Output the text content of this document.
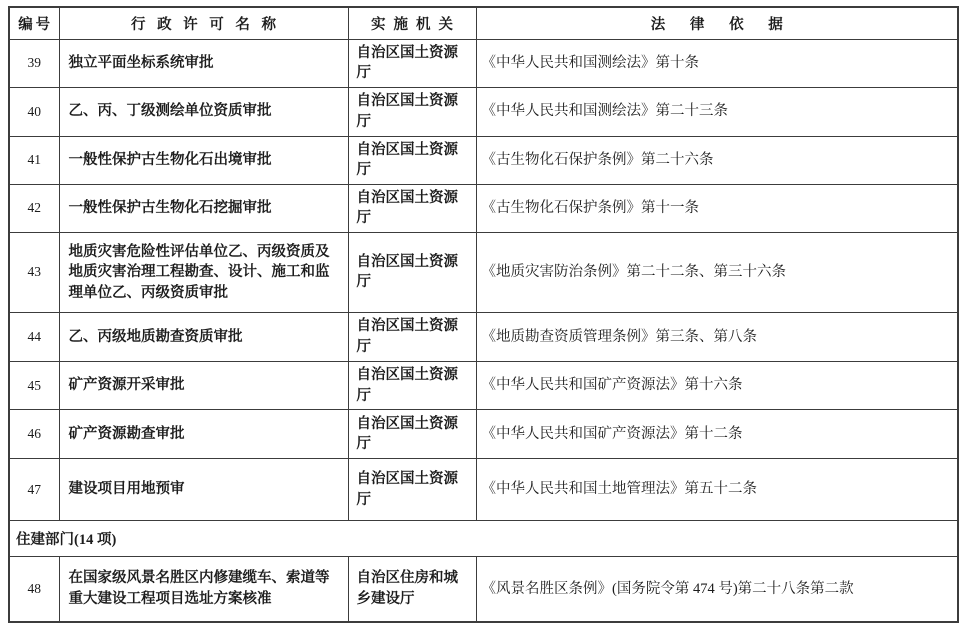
编号	行政许可名称	实施机关	法律依据
39	独立平面坐标系统审批	自治区国土资源厅	《中华人民共和国测绘法》第十条
40	乙、丙、丁级测绘单位资质审批	自治区国土资源厅	《中华人民共和国测绘法》第二十三条
41	一般性保护古生物化石出境审批	自治区国土资源厅	《古生物化石保护条例》第二十六条
42	一般性保护古生物化石挖掘审批	自治区国土资源厅	《古生物化石保护条例》第十一条
43	地质灾害危险性评估单位乙、丙级资质及地质灾害治理工程勘查、设计、施工和监理单位乙、丙级资质审批	自治区国土资源厅	《地质灾害防治条例》第二十二条、第三十六条
44	乙、丙级地质勘查资质审批	自治区国土资源厅	《地质勘查资质管理条例》第三条、第八条
45	矿产资源开采审批	自治区国土资源厅	《中华人民共和国矿产资源法》第十六条
46	矿产资源勘查审批	自治区国土资源厅	《中华人民共和国矿产资源法》第十二条
47	建设项目用地预审	自治区国土资源厅	《中华人民共和国土地管理法》第五十二条
住建部门(14 项)			
48	在国家级风景名胜区内修建缆车、索道等重大建设工程项目选址方案核准	自治区住房和城乡建设厅	《风景名胜区条例》(国务院令第 474 号)第二十八条第二款
